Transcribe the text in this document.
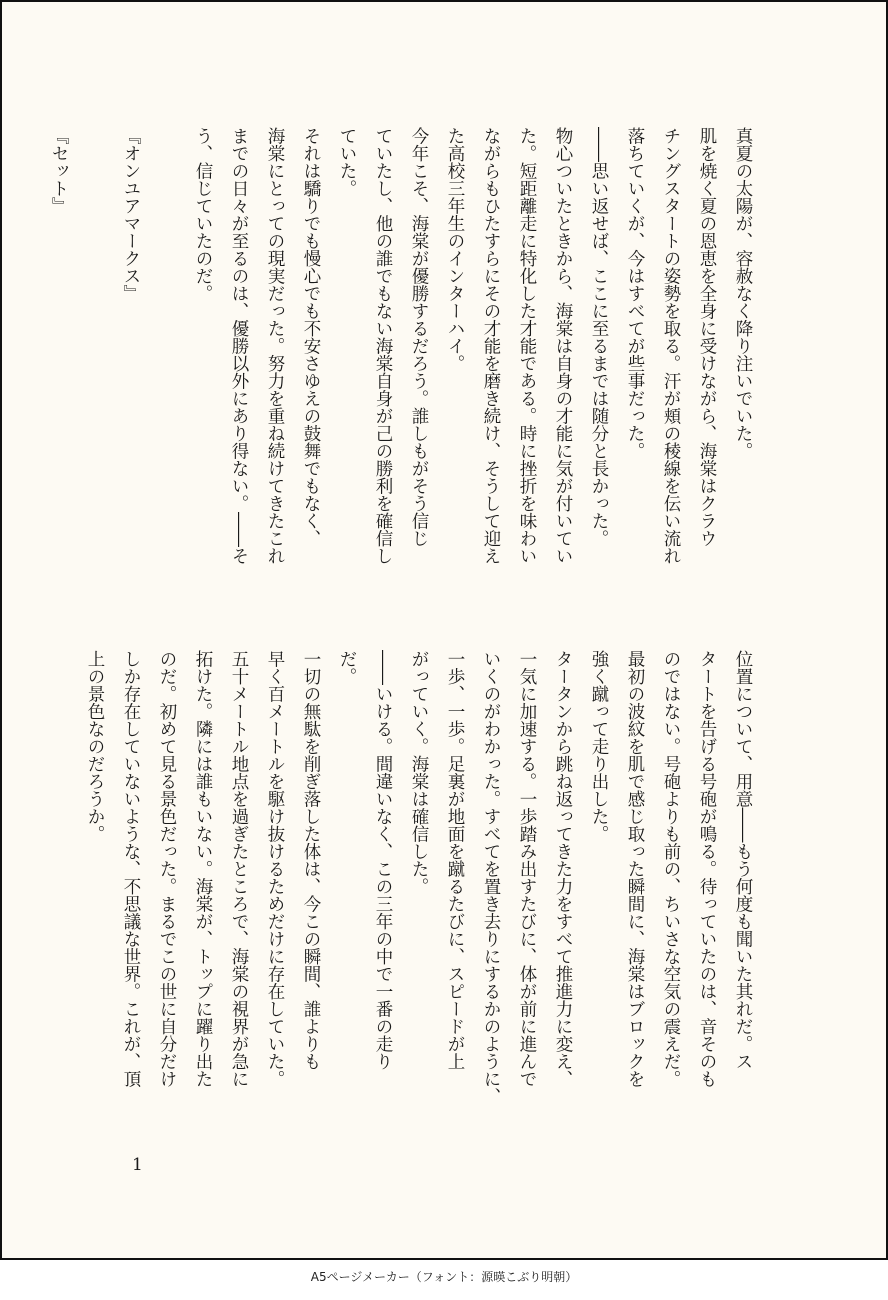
真夏の太陽が、容赦なく降り注いでいた。

肌を焼く夏の恩恵を全身に受けながら、海棠はクラウ

チングスタートの姿勢を取る。汗が頬の稜線を伝い流れ

落ちていくが、今はすべてが些事だった。

――思い返せば、ここに至るまでは随分と長かった。

物心ついたときから、海棠は自身の才能に気が付いてい

た。短距離走に特化した才能である。時に挫折を味わい

ながらもひたすらにその才能を磨き続け、そうして迎え

た高校三年生のインターハイ。

今年こそ、海棠が優勝するだろう。誰しもがそう信じ

ていたし、他の誰でもない海棠自身が己の勝利を確信し

ていた。

それは驕りでも慢心でも不安さゆえの鼓舞でもなく、

海棠にとっての現実だった。努力を重ね続けてきたこれ

までの日々が至るのは、優勝以外にあり得ない。――そ

う、信じていたのだ。

『オンユアマークス』

『セット』

位置について、用意――もう何度も聞いた其れだ。ス

タートを告げる号砲が鳴る。待っていたのは、音そのも

のではない。号砲よりも前の、ちいさな空気の震えだ。

最初の波紋を肌で感じ取った瞬間に、海棠はブロックを

強く蹴って走り出した。

タータンから跳ね返ってきた力をすべて推進力に変え、

一気に加速する。一歩踏み出すたびに、体が前に進んで

いくのがわかった。すべてを置き去りにするかのように、

一歩、一歩。足裏が地面を蹴るたびに、スピードが上

がっていく。海棠は確信した。

――いける。間違いなく、この三年の中で一番の走り

だ。

一切の無駄を削ぎ落した体は、今この瞬間、誰よりも

早く百メートルを駆け抜けるためだけに存在していた。

五十メートル地点を過ぎたところで、海棠の視界が急に

拓けた。隣には誰もいない。海棠が、トップに躍り出た

のだ。初めて見る景色だった。まるでこの世に自分だけ

しか存在していないような、不思議な世界。これが、頂

上の景色なのだろうか。

1
A5ページメーカー（フォント：源暎こぶり明朝）
